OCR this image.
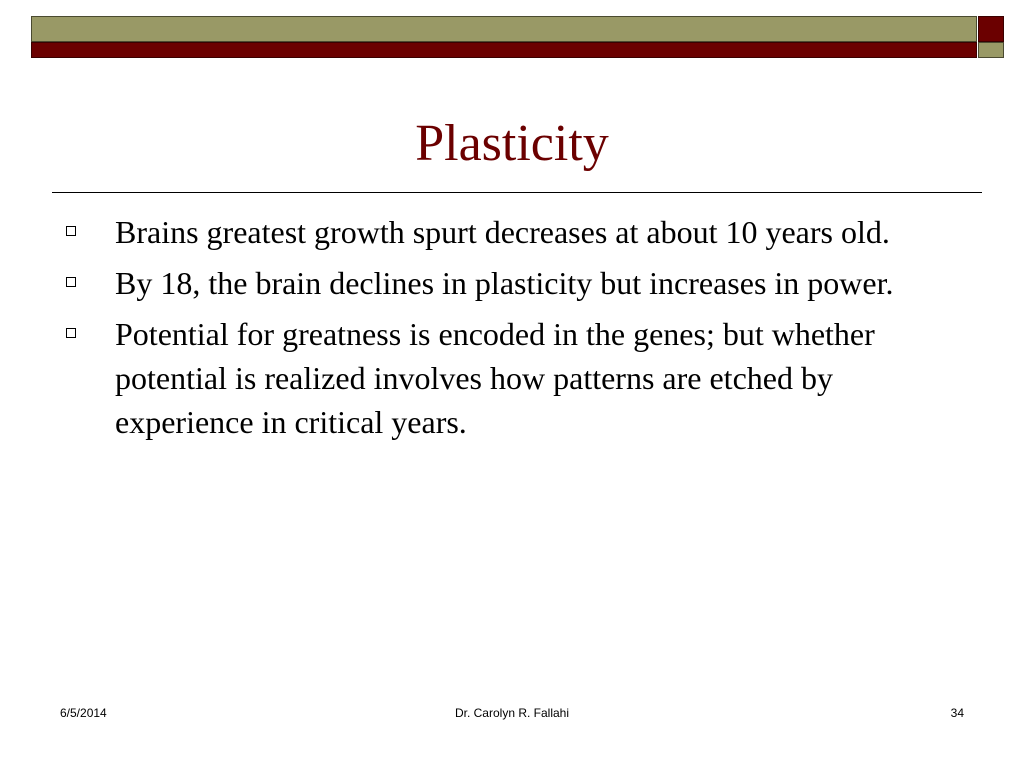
Plasticity
Brains greatest growth spurt decreases at about 10 years old.
By 18, the brain declines in plasticity but increases in power.
Potential for greatness is encoded in the genes; but whether potential is realized involves how patterns are etched by experience in critical years.
6/5/2014	Dr. Carolyn R. Fallahi	34
